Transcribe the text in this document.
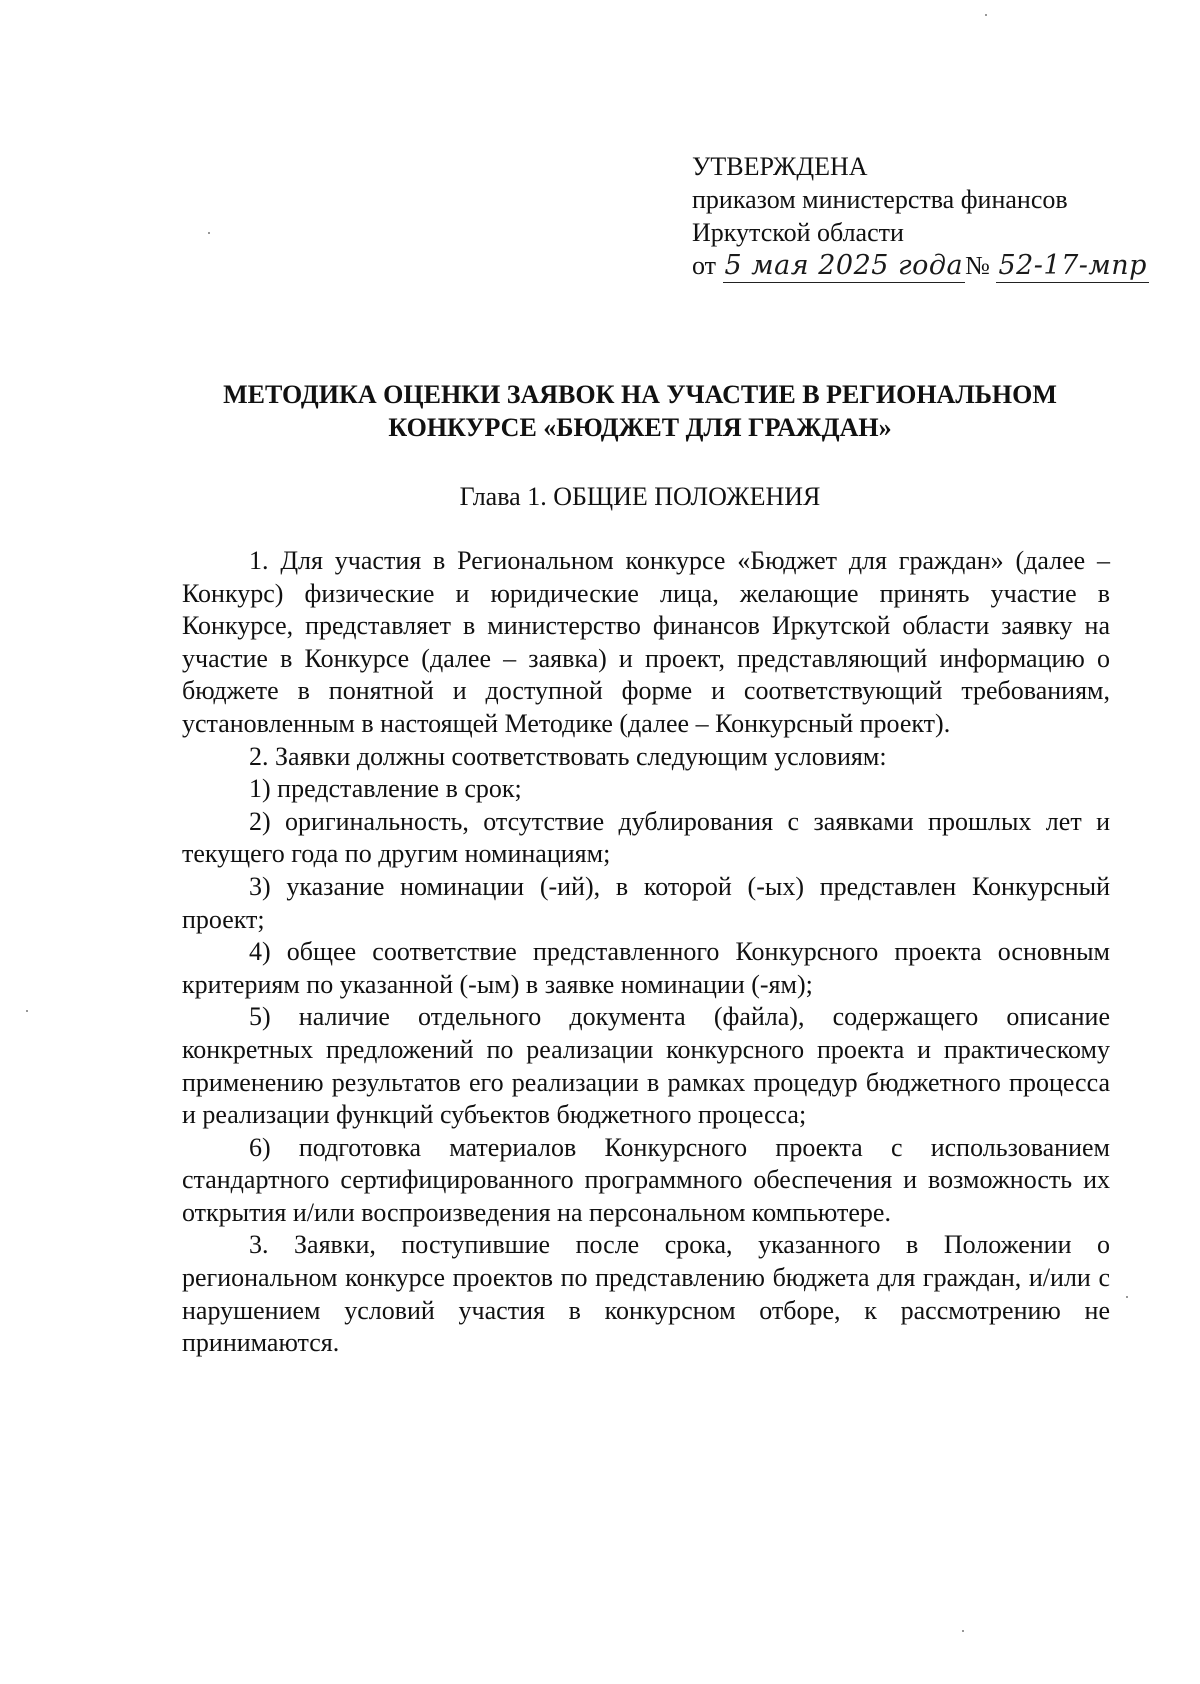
УТВЕРЖДЕНА
приказом министерства финансов
Иркутской области
от 5 мая 2025 года№ 52-17-мпр
МЕТОДИКА ОЦЕНКИ ЗАЯВОК НА УЧАСТИЕ В РЕГИОНАЛЬНОМ
КОНКУРСЕ «БЮДЖЕТ ДЛЯ ГРАЖДАН»
Глава 1. ОБЩИЕ ПОЛОЖЕНИЯ

1. Для участия в Региональном конкурсе «Бюджет для граждан» (далее – Конкурс) физические и юридические лица, желающие принять участие в Конкурсе, представляет в министерство финансов Иркутской области заявку на участие в Конкурсе (далее – заявка) и проект, представляющий информацию о бюджете в понятной и доступной форме и соответствующий требованиям, установленным в настоящей Методике (далее – Конкурсный проект).

2. Заявки должны соответствовать следующим условиям:

1) представление в срок;

2) оригинальность, отсутствие дублирования с заявками прошлых лет и текущего года по другим номинациям;

3) указание номинации (-ий), в которой (-ых) представлен Конкурсный проект;

4) общее соответствие представленного Конкурсного проекта основным критериям по указанной (-ым) в заявке номинации (-ям);

5) наличие отдельного документа (файла), содержащего описание конкретных предложений по реализации конкурсного проекта и практическому применению результатов его реализации в рамках процедур бюджетного процесса и реализации функций субъектов бюджетного процесса;

6) подготовка материалов Конкурсного проекта с использованием стандартного сертифицированного программного обеспечения и возможность их открытия и/или воспроизведения на персональном компьютере.

3. Заявки, поступившие после срока, указанного в Положении о региональном конкурсе проектов по представлению бюджета для граждан, и/или с нарушением условий участия в конкурсном отборе, к рассмотрению не принимаются.
